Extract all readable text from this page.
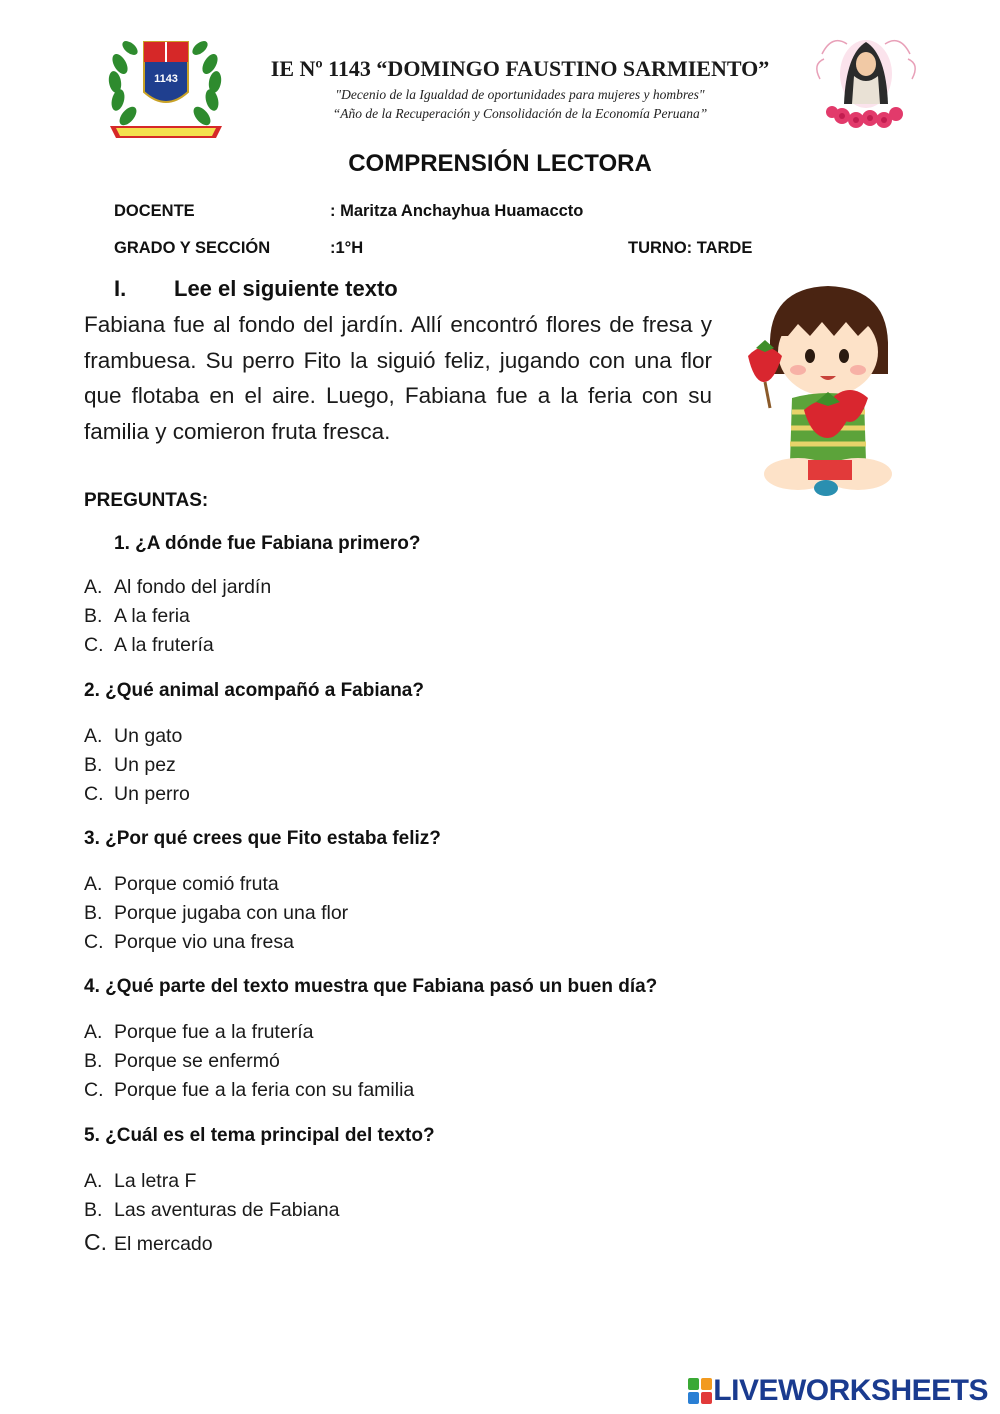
1143	IE Nº 1143 “DOMINGO FAUSTINO SARMIENTO”
"Decenio de la Igualdad de oportunidades para mujeres y hombres"
“Año de la Recuperación y Consolidación de la Economía Peruana”
COMPRENSIÓN LECTORA
DOCENTE	: Maritza Anchayhua Huamaccto
GRADO Y SECCIÓN	:1°H	TURNO: TARDE
I. Lee el siguiente texto
Fabiana fue al fondo del jardín. Allí encontró flores de fresa y frambuesa. Su perro Fito la siguió feliz, jugando con una flor que flotaba en el aire. Luego, Fabiana fue a la feria con su familia y comieron fruta fresca.
PREGUNTAS:
1. ¿A dónde fue Fabiana primero?
A. Al fondo del jardín
B. A la feria
C. A la frutería
2. ¿Qué animal acompañó a Fabiana?
A. Un gato
B. Un pez
C. Un perro
3. ¿Por qué crees que Fito estaba feliz?
A. Porque comió fruta
B. Porque jugaba con una flor
C. Porque vio una fresa
4. ¿Qué parte del texto muestra que Fabiana pasó un buen día?
A. Porque fue a la frutería
B. Porque se enfermó
C. Porque fue a la feria con su familia
5. ¿Cuál es el tema principal del texto?
A. La letra F
B. Las aventuras de Fabiana
C. El mercado
LIVEWORKSHEETS
